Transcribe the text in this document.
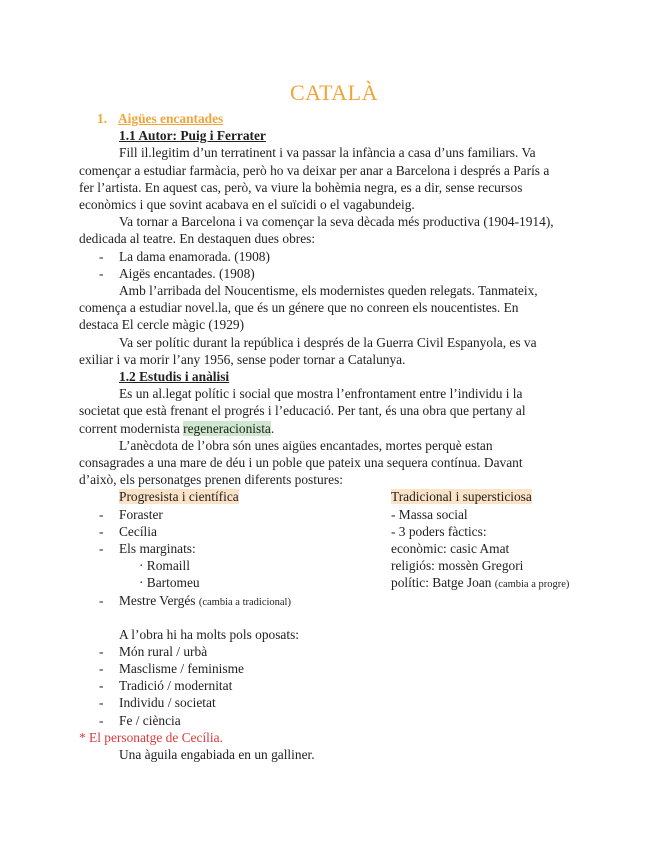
CATALÀ
1. Aigües encantades
1.1 Autor: Puig i Ferrater
Fill il.legitim d’un terratinent i va passar la infància a casa d’uns familiars. Va
començar a estudiar farmàcia, però ho va deixar per anar a Barcelona i després a París a
fer l’artista. En aquest cas, però, va viure la bohèmia negra, es a dir, sense recursos
econòmics i que sovint acabava en el suïcidi o el vagabundeig.
Va tornar a Barcelona i va començar la seva dècada més productiva (1904-1914),
dedicada al teatre. En destaquen dues obres:
- La dama enamorada. (1908)
- Aigës encantades. (1908)
Amb l’arribada del Noucentisme, els modernistes queden relegats. Tanmateix,
comença a estudiar novel.la, que és un génere que no conreen els noucentistes. En
destaca El cercle màgic (1929)
Va ser polític durant la república i després de la Guerra Civil Espanyola, es va
exiliar i va morir l’any 1956, sense poder tornar a Catalunya.
1.2 Estudis i anàlisi
Es un al.legat polític i social que mostra l’enfrontament entre l’individu i la
societat que està frenant el progrés i l’educació. Per tant, és una obra que pertany al
corrent modernista regeneracionista.
L’anècdota de l’obra són unes aigües encantades, mortes perquè estan
consagrades a una mare de déu i un poble que pateix una sequera contínua. Davant
d’això, els personatges prenen diferents postures:
Progresista i científica
- Foraster
- Cecília
- Els marginats:
· Romaill
· Bartomeu
- Mestre Vergés (cambia a tradicional)
Tradicional i supersticiosa
- Massa social
- 3 poders fàctics:
econòmic: casic Amat
religiós: mossèn Gregori
polític: Batge Joan (cambia a progre)
A l’obra hi ha molts pols oposats:
- Món rural / urbà
- Masclisme / feminisme
- Tradició / modernitat
- Individu / societat
- Fe / ciència
* El personatge de Cecília.
Una àguila engabiada en un galliner.
